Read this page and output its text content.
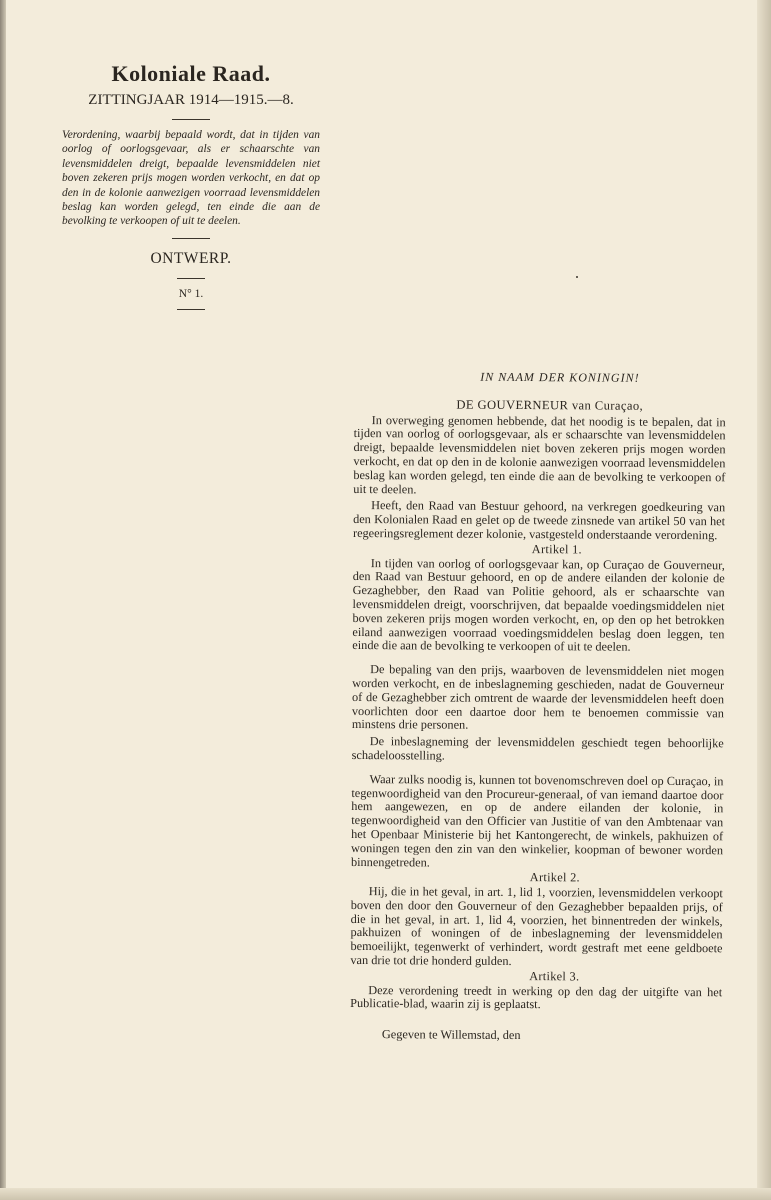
Koloniale Raad.

ZITTINGJAAR 1914—1915.—8.

Verordening, waarbij bepaald wordt, dat in tijden van oorlog of oorlogsgevaar, als er schaarschte van levensmiddelen dreigt, bepaalde levensmiddelen niet boven zekeren prijs mogen worden verkocht, en dat op den in de kolonie aanwezigen voorraad levensmiddelen beslag kan worden gelegd, ten einde die aan de bevolking te verkoopen of uit te deelen.

ONTWERP.

N° 1.

IN NAAM DER KONINGIN!

DE GOUVERNEUR van Curaçao,

In overweging genomen hebbende, dat het noodig is te bepalen, dat in tijden van oorlog of oorlogsgevaar, als er schaarschte van levensmiddelen dreigt, bepaalde levensmiddelen niet boven zekeren prijs mogen worden verkocht, en dat op den in de kolonie aanwezigen voorraad levensmiddelen beslag kan worden gelegd, ten einde die aan de bevolking te verkoopen of uit te deelen.

Heeft, den Raad van Bestuur gehoord, na verkregen goedkeuring van den Kolonialen Raad en gelet op de tweede zinsnede van artikel 50 van het regeeringsreglement dezer kolonie, vastgesteld onderstaande verordening.

Artikel 1.

In tijden van oorlog of oorlogsgevaar kan, op Curaçao de Gouverneur, den Raad van Bestuur gehoord, en op de andere eilanden der kolonie de Gezaghebber, den Raad van Politie gehoord, als er schaarschte van levensmiddelen dreigt, voorschrijven, dat bepaalde voedingsmiddelen niet boven zekeren prijs mogen worden verkocht, en, op den op het betrokken eiland aanwezigen voorraad voedingsmiddelen beslag doen leggen, ten einde die aan de bevolking te verkoopen of uit te deelen.

De bepaling van den prijs, waarboven de levensmiddelen niet mogen worden verkocht, en de inbeslagneming geschieden, nadat de Gouverneur of de Gezaghebber zich omtrent de waarde der levensmiddelen heeft doen voorlichten door een daartoe door hem te benoemen commissie van minstens drie personen.

De inbeslagneming der levensmiddelen geschiedt tegen behoorlijke schadeloosstelling.

Waar zulks noodig is, kunnen tot bovenomschreven doel op Curaçao, in tegenwoordigheid van den Procureur-generaal, of van iemand daartoe door hem aangewezen, en op de andere eilanden der kolonie, in tegenwoordigheid van den Officier van Justitie of van den Ambtenaar van het Openbaar Ministerie bij het Kantongerecht, de winkels, pakhuizen of woningen tegen den zin van den winkelier, koopman of bewoner worden binnengetreden.

Artikel 2.

Hij, die in het geval, in art. 1, lid 1, voorzien, levensmiddelen verkoopt boven den door den Gouverneur of den Gezaghebber bepaalden prijs, of die in het geval, in art. 1, lid 4, voorzien, het binnentreden der winkels, pakhuizen of woningen of de inbeslagneming der levensmiddelen bemoeilijkt, tegenwerkt of verhindert, wordt gestraft met eene geldboete van drie tot drie honderd gulden.

Artikel 3.

Deze verordening treedt in werking op den dag der uitgifte van het Publicatie-blad, waarin zij is geplaatst.

Gegeven te Willemstad, den
